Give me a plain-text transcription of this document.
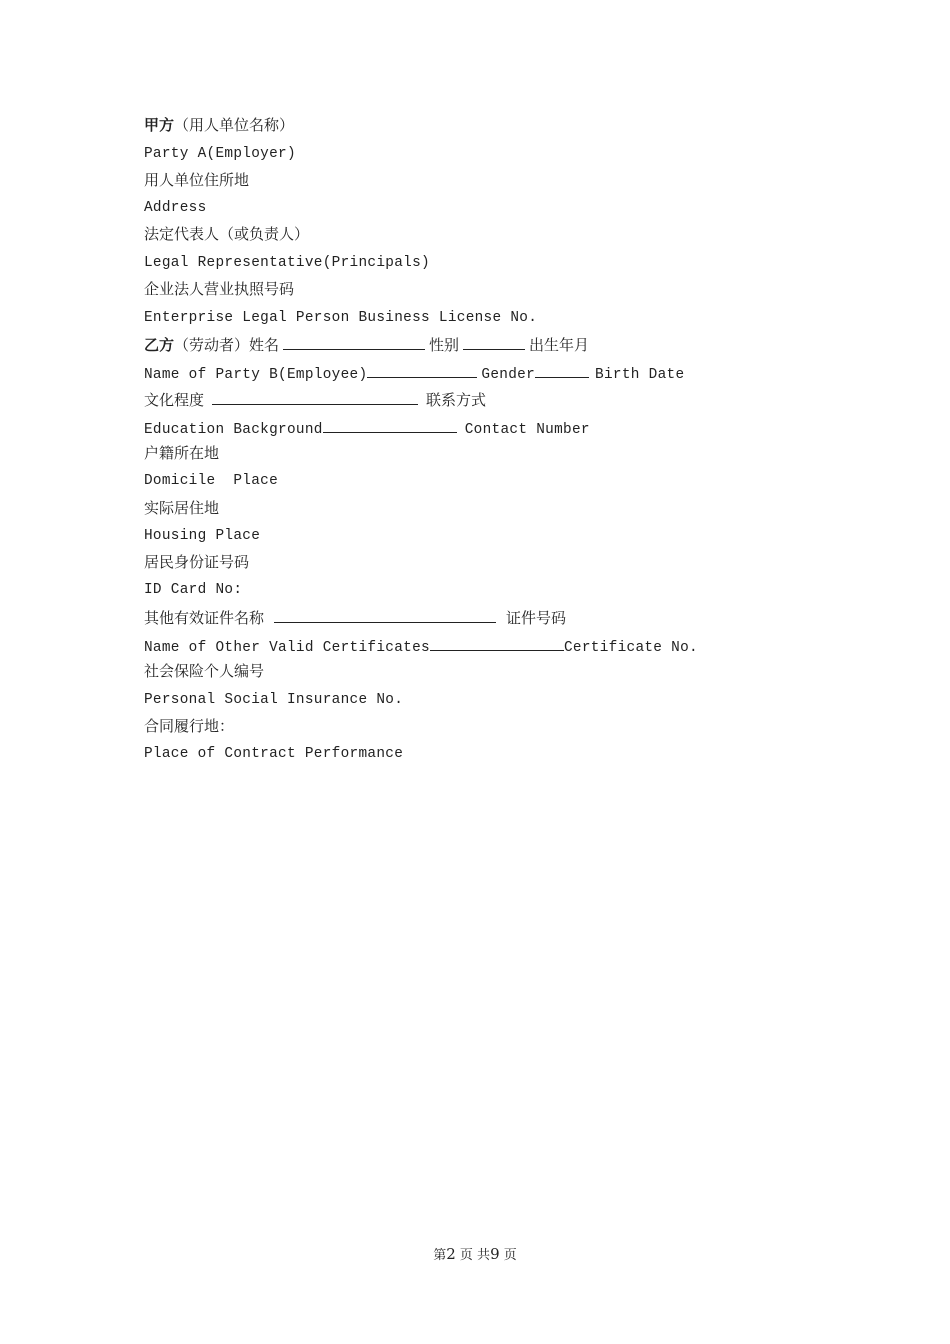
甲方（用人单位名称）
Party A(Employer)
用人单位住所地
Address
法定代表人（或负责人）
Legal Representative(Principals)
企业法人营业执照号码
Enterprise Legal Person Business License No.
乙方（劳动者）姓名	性别	出生年月
Name of Party B(Employee)	Gender	Birth Date
文化程度	联系方式
Education Background	Contact Number
户籍所在地
Domicile  Place
实际居住地
Housing Place
居民身份证号码
ID Card No:
其他有效证件名称	证件号码
Name of Other Valid Certificates	Certificate No.
社会保险个人编号
Personal Social Insurance No.
合同履行地：
Place of Contract Performance
第2 页 共9 页
